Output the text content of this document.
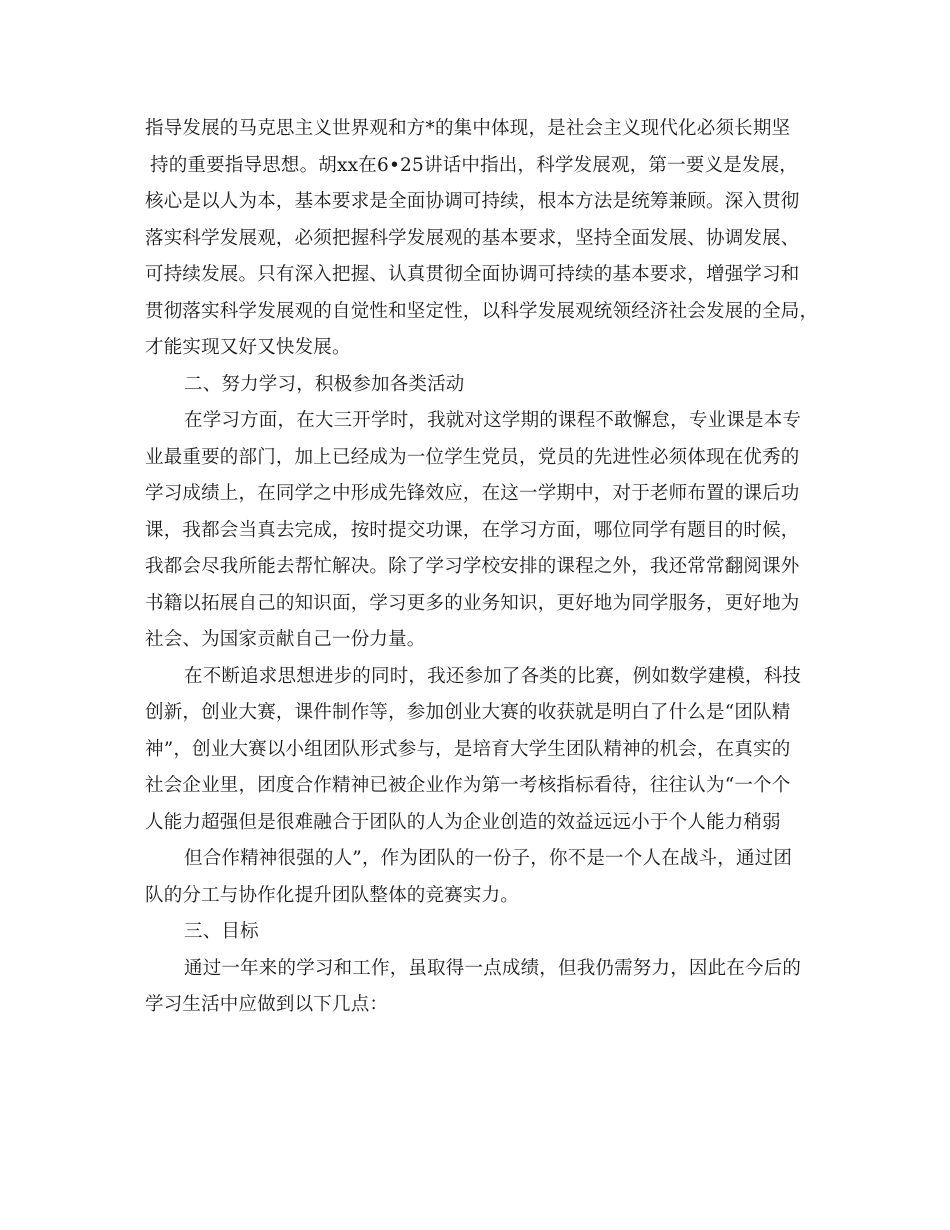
指导发展的马克思主义世界观和方*的集中体现，是社会主义现代化必须长期坚
持的重要指导思想。胡xx在6•25讲话中指出，科学发展观，第一要义是发展，
核心是以人为本，基本要求是全面协调可持续，根本方法是统筹兼顾。深入贯彻
落实科学发展观，必须把握科学发展观的基本要求，坚持全面发展、协调发展、
可持续发展。只有深入把握、认真贯彻全面协调可持续的基本要求，增强学习和
贯彻落实科学发展观的自觉性和坚定性，以科学发展观统领经济社会发展的全局，
才能实现又好又快发展。
二、努力学习，积极参加各类活动
在学习方面，在大三开学时，我就对这学期的课程不敢懈怠，专业课是本专
业最重要的部门，加上已经成为一位学生党员，党员的先进性必须体现在优秀的
学习成绩上，在同学之中形成先锋效应，在这一学期中，对于老师布置的课后功
课，我都会当真去完成，按时提交功课，在学习方面，哪位同学有题目的时候，
我都会尽我所能去帮忙解决。除了学习学校安排的课程之外，我还常常翻阅课外
书籍以拓展自己的知识面，学习更多的业务知识，更好地为同学服务，更好地为
社会、为国家贡献自己一份力量。
在不断追求思想进步的同时，我还参加了各类的比赛，例如数学建模，科技
创新，创业大赛，课件制作等，参加创业大赛的收获就是明白了什么是“团队精
神”，创业大赛以小组团队形式参与，是培育大学生团队精神的机会，在真实的
社会企业里，团度合作精神已被企业作为第一考核指标看待，往往认为“一个个
人能力超强但是很难融合于团队的人为企业创造的效益远远小于个人能力稍弱
但合作精神很强的人”，作为团队的一份子，你不是一个人在战斗，通过团
队的分工与协作化提升团队整体的竞赛实力。
三、目标
通过一年来的学习和工作，虽取得一点成绩，但我仍需努力，因此在今后的
学习生活中应做到以下几点：
